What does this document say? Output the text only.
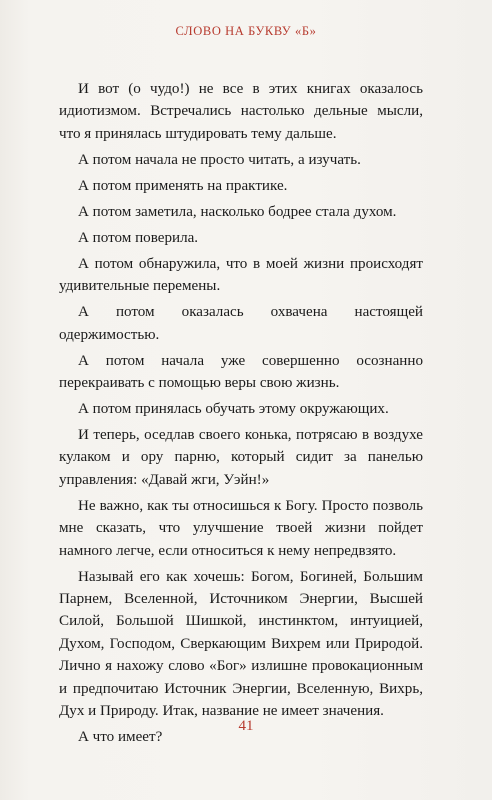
СЛОВО НА БУКВУ «Б»

И вот (о чудо!) не все в этих книгах оказалось идиотизмом. Встречались настолько дельные мысли, что я принялась штудировать тему дальше.

А потом начала не просто читать, а изучать.

А потом применять на практике.

А потом заметила, насколько бодрее стала духом.

А потом поверила.

А потом обнаружила, что в моей жизни происходят удивительные перемены.

А потом оказалась охвачена настоящей одержимостью.

А потом начала уже совершенно осознанно перекраивать с помощью веры свою жизнь.

А потом принялась обучать этому окружающих.

И теперь, оседлав своего конька, потрясаю в воздухе кулаком и ору парню, который сидит за панелью управления: «Давай жги, Уэйн!»

Не важно, как ты относишься к Богу. Просто позволь мне сказать, что улучшение твоей жизни пойдет намного легче, если относиться к нему непредвзято.

Называй его как хочешь: Богом, Богиней, Большим Парнем, Вселенной, Источником Энергии, Высшей Силой, Большой Шишкой, инстинктом, интуицией, Духом, Господом, Сверкающим Вихрем или Природой. Лично я нахожу слово «Бог» излишне провокационным и предпочитаю Источник Энергии, Вселенную, Вихрь, Дух и Природу. Итак, название не имеет значения.

А что имеет?

41
